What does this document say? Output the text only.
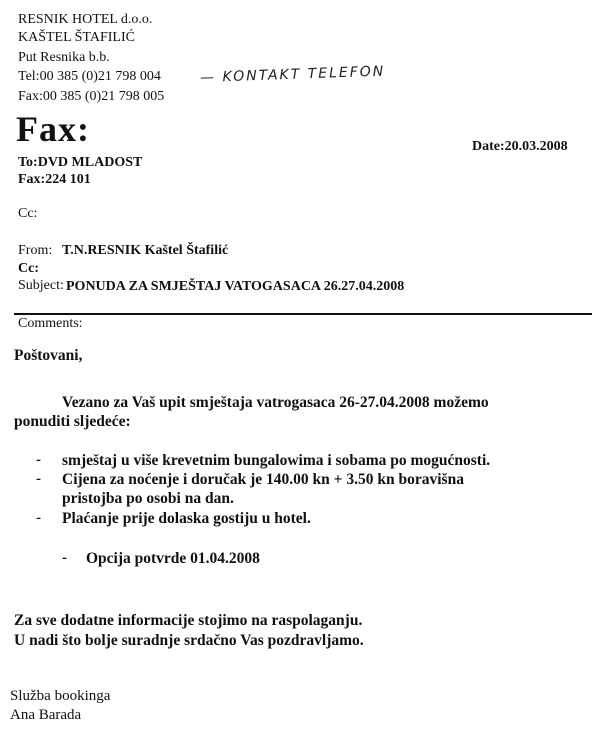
RESNIK HOTEL d.o.o.
KAŠTEL ŠTAFILIĆ
Put Resnika b.b.
Tel:00 385 (0)21 798 004	— KONTAKT TELEFON
Fax:00 385 (0)21 798 005
Fax:	Date:20.03.2008
To:DVD MLADOST
Fax:224 101
Cc:
From: T.N.RESNIK Kaštel Štafilić
Cc:
Subject: PONUDA ZA SMJEŠTAJ VATOGASACA 26.27.04.2008
Comments:
Poštovani,
Vezano za Vaš upit smještaja vatrogasaca 26-27.04.2008 možemo
ponuditi sljedeće:
- smještaj u više krevetnim bungalowima i sobama po mogućnosti.
- Cijena za noćenje i doručak je 140.00 kn + 3.50 kn boravišna
pristojba po osobi na dan.
- Plaćanje prije dolaska gostiju u hotel.
- Opcija potvrde 01.04.2008
Za sve dodatne informacije stojimo na raspolaganju.
U nadi što bolje suradnje srdačno Vas pozdravljamo.
Služba bookinga
Ana Barada
